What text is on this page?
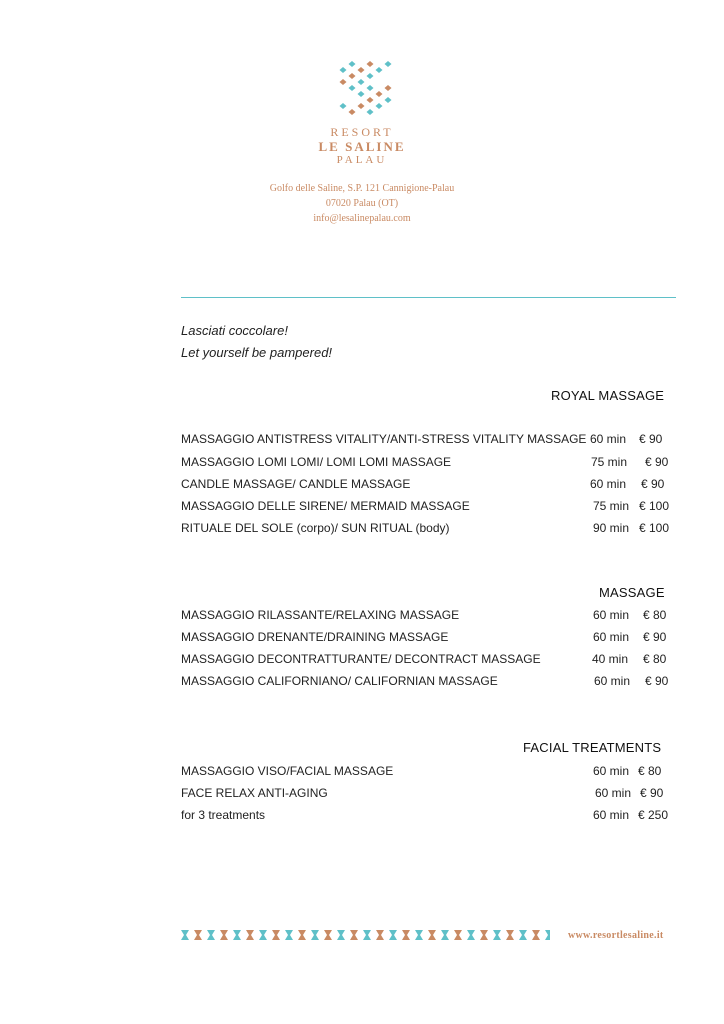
RESORT
LE SALINE
PALAU
Golfo delle Saline, S.P. 121 Cannigione-Palau
07020 Palau (OT)
info@lesalinepalau.com
Lasciati coccolare!
Let yourself be pampered!
ROYAL MASSAGE
MASSAGGIO ANTISTRESS VITALITY/ANTI-STRESS VITALITY MASSAGE 60 min € 90
MASSAGGIO LOMI LOMI/ LOMI LOMI MASSAGE	75 min € 90
CANDLE MASSAGE/ CANDLE MASSAGE	60 min € 90
MASSAGGIO DELLE SIRENE/ MERMAID MASSAGE	75 min € 100
RITUALE DEL SOLE (corpo)/ SUN RITUAL (body)	90 min € 100
MASSAGE
MASSAGGIO RILASSANTE/RELAXING MASSAGE	60 min € 80
MASSAGGIO DRENANTE/DRAINING MASSAGE	60 min € 90
MASSAGGIO DECONTRATTURANTE/ DECONTRACT MASSAGE	40 min € 80
MASSAGGIO CALIFORNIANO/ CALIFORNIAN MASSAGE	60 min € 90
FACIAL TREATMENTS
MASSAGGIO VISO/FACIAL MASSAGE	60 min € 80
FACE RELAX ANTI-AGING	60 min € 90
for 3 treatments	60 min € 250
www.resortlesaline.it
